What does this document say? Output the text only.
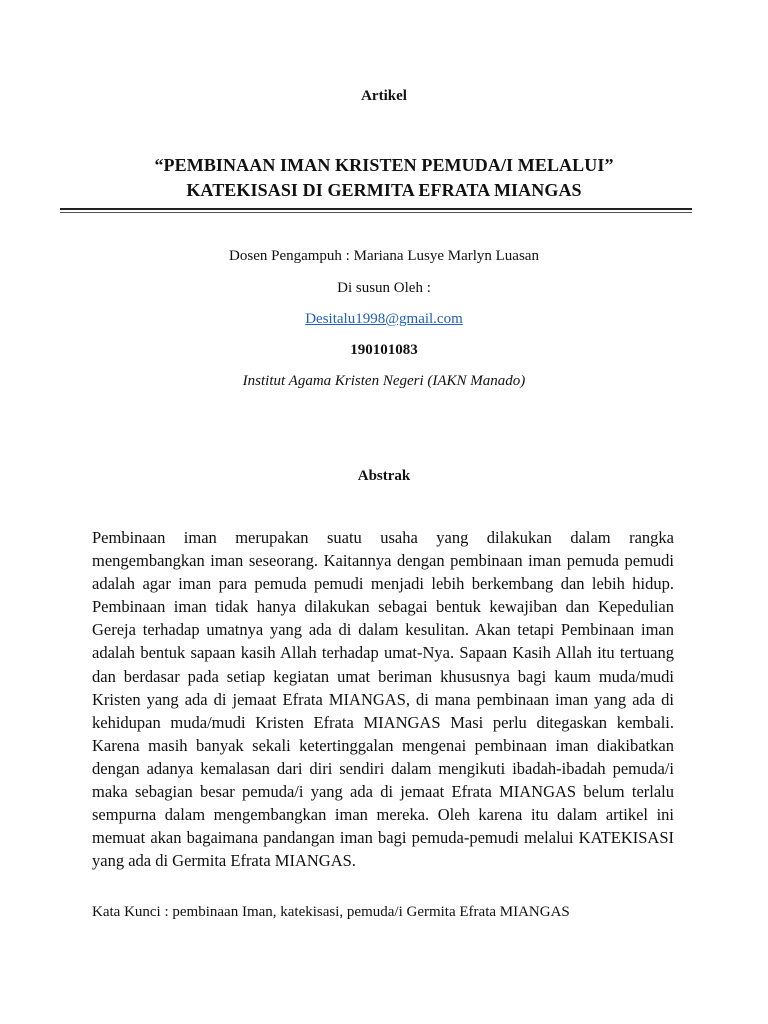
Artikel
“PEMBINAAN IMAN KRISTEN PEMUDA/I MELALUI”
KATEKISASI DI GERMITA EFRATA MIANGAS
Dosen Pengampuh : Mariana Lusye Marlyn Luasan
Di susun Oleh :
Desitalu1998@gmail.com
190101083
Institut Agama Kristen Negeri (IAKN Manado)
Abstrak

Pembinaan iman merupakan suatu usaha yang dilakukan dalam rangka mengembangkan iman seseorang. Kaitannya dengan pembinaan iman pemuda pemudi adalah agar iman para pemuda pemudi menjadi lebih berkembang dan lebih hidup. Pembinaan iman tidak hanya dilakukan sebagai bentuk kewajiban dan Kepedulian Gereja terhadap umatnya yang ada di dalam kesulitan. Akan tetapi Pembinaan iman adalah bentuk sapaan kasih Allah terhadap umat-Nya. Sapaan Kasih Allah itu tertuang dan berdasar pada setiap kegiatan umat beriman khususnya bagi kaum muda/mudi Kristen yang ada di jemaat Efrata MIANGAS, di mana pembinaan iman yang ada di kehidupan muda/mudi Kristen Efrata MIANGAS Masi perlu ditegaskan kembali. Karena masih banyak sekali ketertinggalan mengenai pembinaan iman diakibatkan dengan adanya kemalasan dari diri sendiri dalam mengikuti ibadah-ibadah pemuda/i maka sebagian besar pemuda/i yang ada di jemaat Efrata MIANGAS belum terlalu sempurna dalam mengembangkan iman mereka. Oleh karena itu dalam artikel ini memuat akan bagaimana pandangan iman bagi pemuda-pemudi melalui KATEKISASI yang ada di Germita Efrata MIANGAS.

Kata Kunci : pembinaan Iman, katekisasi, pemuda/i Germita Efrata MIANGAS
